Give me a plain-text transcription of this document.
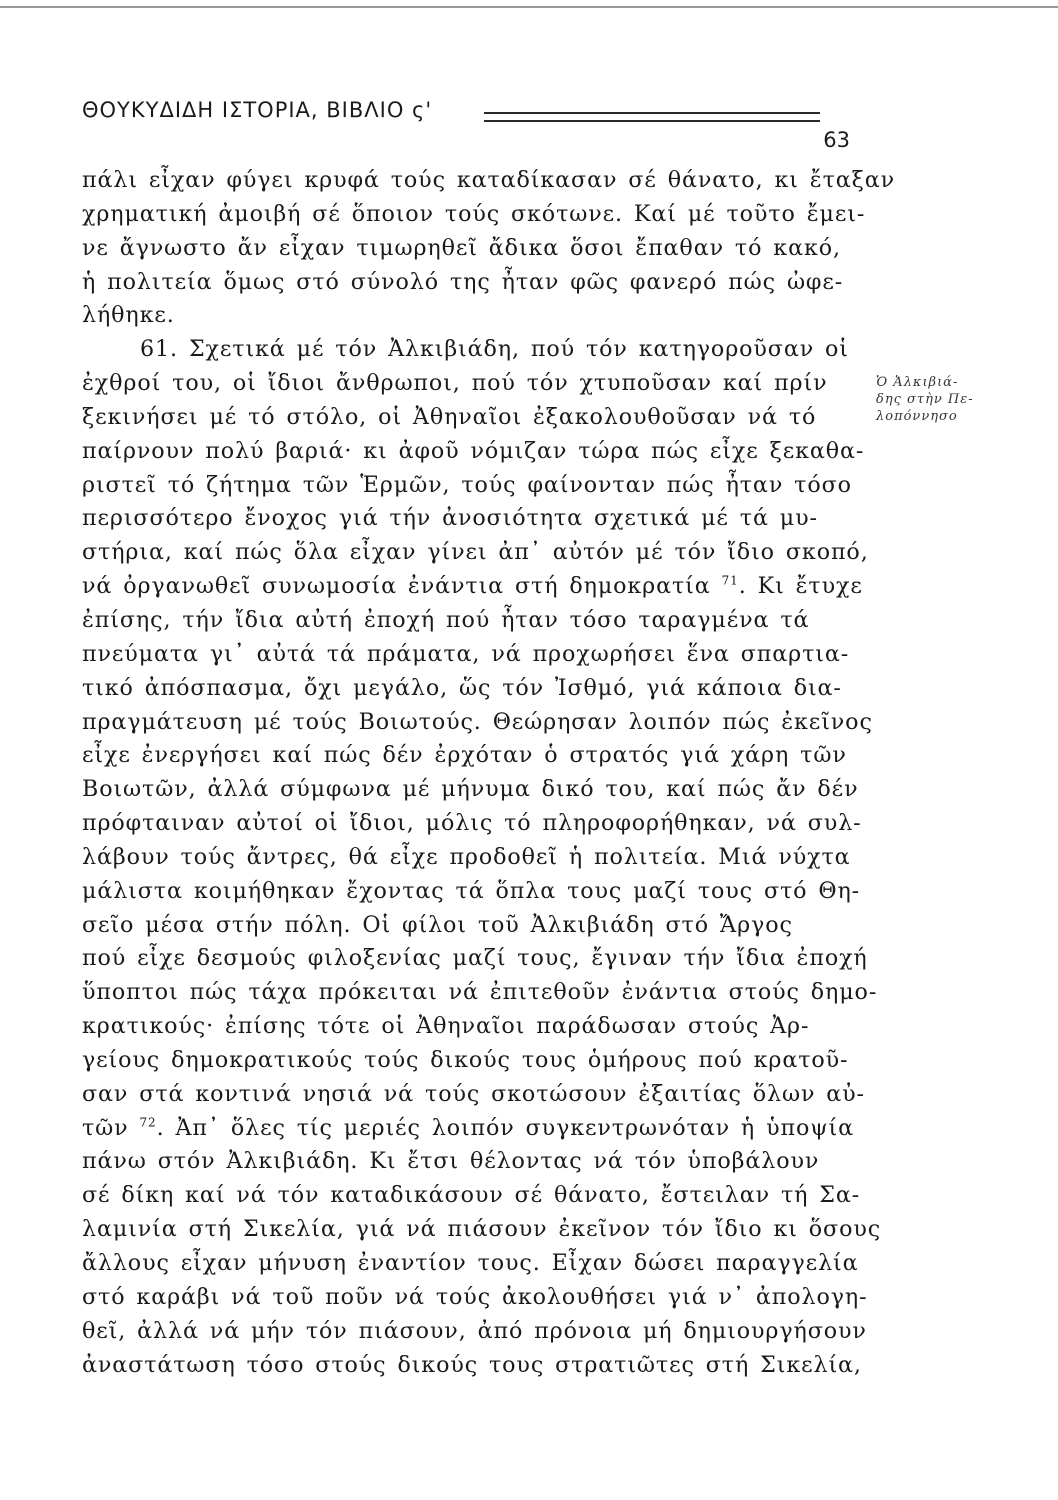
ΘΟΥΚΥΔΙΔΗ ΙΣΤΟΡΙΑ, ΒΙΒΛΙΟ ς'
63
πάλι εἶχαν φύγει κρυφά τούς καταδίκασαν σέ θάνατο, κι ἔταξαν
χρηματική ἀμοιβή σέ ὅποιον τούς σκότωνε. Καί μέ τοῦτο ἔμει-
νε ἄγνωστο ἄν εἶχαν τιμωρηθεῖ ἄδικα ὅσοι ἔπαθαν τό κακό,
ἡ πολιτεία ὅμως στό σύνολό της ἦταν φῶς φανερό πώς ὠφε-
λήθηκε.
61. Σχετικά μέ τόν Ἀλκιβιάδη, πού τόν κατηγοροῦσαν οἱ
ἐχθροί του, οἱ ἴδιοι ἄνθρωποι, πού τόν χτυποῦσαν καί πρίν
ξεκινήσει μέ τό στόλο, οἱ Ἀθηναῖοι ἐξακολουθοῦσαν νά τό
παίρνουν πολύ βαριά· κι ἀφοῦ νόμιζαν τώρα πώς εἶχε ξεκαθα-
ριστεῖ τό ζήτημα τῶν Ἑρμῶν, τούς φαίνονταν πώς ἦταν τόσο
περισσότερο ἔνοχος γιά τήν ἀνοσιότητα σχετικά μέ τά μυ-
στήρια, καί πώς ὅλα εἶχαν γίνει ἀπ᾿ αὐτόν μέ τόν ἴδιο σκοπό,
νά ὀργανωθεῖ συνωμοσία ἐνάντια στή δημοκρατία $^{71}$. Κι ἔτυχε
ἐπίσης, τήν ἴδια αὐτή ἐποχή πού ἦταν τόσο ταραγμένα τά
πνεύματα γι᾿ αὐτά τά πράματα, νά προχωρήσει ἕνα σπαρτια-
τικό ἀπόσπασμα, ὄχι μεγάλο, ὥς τόν Ἰσθμό, γιά κάποια δια-
πραγμάτευση μέ τούς Βοιωτούς. Θεώρησαν λοιπόν πώς ἐκεῖνος
εἶχε ἐνεργήσει καί πώς δέν ἐρχόταν ὁ στρατός γιά χάρη τῶν
Βοιωτῶν, ἀλλά σύμφωνα μέ μήνυμα δικό του, καί πώς ἄν δέν
πρόφταιναν αὐτοί οἱ ἴδιοι, μόλις τό πληροφορήθηκαν, νά συλ-
λάβουν τούς ἄντρες, θά εἶχε προδοθεῖ ἡ πολιτεία. Μιά νύχτα
μάλιστα κοιμήθηκαν ἔχοντας τά ὅπλα τους μαζί τους στό Θη-
σεῖο μέσα στήν πόλη. Οἱ φίλοι τοῦ Ἀλκιβιάδη στό Ἄργος
πού εἶχε δεσμούς φιλοξενίας μαζί τους, ἔγιναν τήν ἴδια ἐποχή
ὕποπτοι πώς τάχα πρόκειται νά ἐπιτεθοῦν ἐνάντια στούς δημο-
κρατικούς· ἐπίσης τότε οἱ Ἀθηναῖοι παράδωσαν στούς Ἀρ-
γείους δημοκρατικούς τούς δικούς τους ὁμήρους πού κρατοῦ-
σαν στά κοντινά νησιά νά τούς σκοτώσουν ἐξαιτίας ὅλων αὐ-
τῶν $^{72}$. Ἀπ᾿ ὅλες τίς μεριές λοιπόν συγκεντρωνόταν ἡ ὑποψία
πάνω στόν Ἀλκιβιάδη. Κι ἔτσι θέλοντας νά τόν ὑποβάλουν
σέ δίκη καί νά τόν καταδικάσουν σέ θάνατο, ἔστειλαν τή Σα-
λαμινία στή Σικελία, γιά νά πιάσουν ἐκεῖνον τόν ἴδιο κι ὅσους
ἄλλους εἶχαν μήνυση ἐναντίον τους. Εἶχαν δώσει παραγγελία
στό καράβι νά τοῦ ποῦν νά τούς ἀκολουθήσει γιά ν᾿ ἀπολογη-
θεῖ, ἀλλά νά μήν τόν πιάσουν, ἀπό πρόνοια μή δημιουργήσουν
ἀναστάτωση τόσο στούς δικούς τους στρατιῶτες στή Σικελία,
Ὁ Ἀλκιβιά-
δης στὴν Πε-
λοπόννησο
